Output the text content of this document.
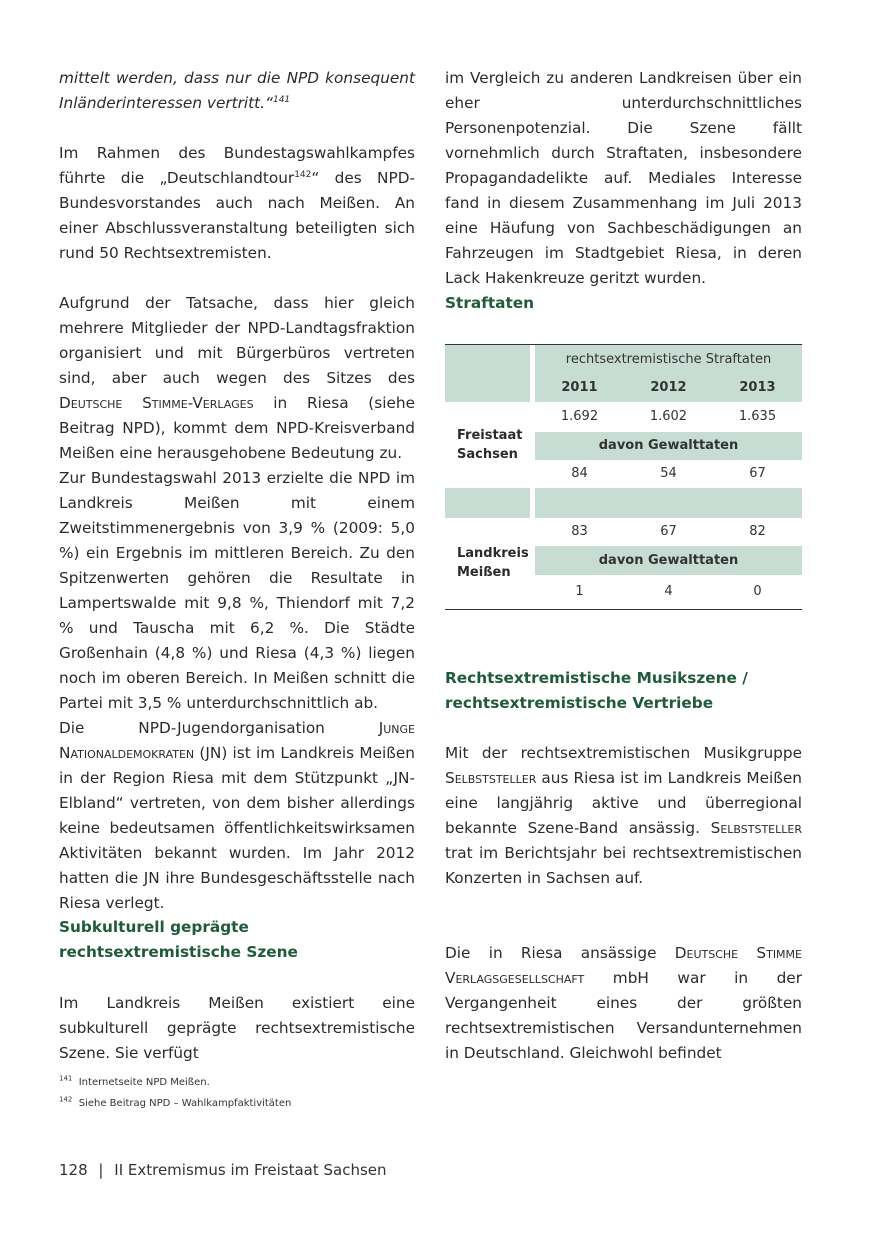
mittelt werden, dass nur die NPD konsequent Inländerinteressen vertritt.“$^{141}$

Im Rahmen des Bundestagswahlkampfes führte die „Deutschlandtour$^{142}$“ des NPD-Bundesvorstandes auch nach Meißen. An einer Abschlussveranstaltung beteiligten sich rund 50 Rechtsextremisten.

Aufgrund der Tatsache, dass hier gleich mehrere Mitglieder der NPD-Landtagsfraktion organisiert und mit Bürgerbüros vertreten sind, aber auch wegen des Sitzes des Deutsche Stimme-Verlages in Riesa (siehe Beitrag NPD), kommt dem NPD-Kreisverband Meißen eine herausgehobene Bedeutung zu.

Zur Bundestagswahl 2013 erzielte die NPD im Landkreis Meißen mit einem Zweitstimmenergebnis von 3,9 % (2009: 5,0 %) ein Ergebnis im mittleren Bereich. Zu den Spitzenwerten gehören die Resultate in Lampertswalde mit 9,8 %, Thiendorf mit 7,2 % und Tauscha mit 6,2 %. Die Städte Großenhain (4,8 %) und Riesa (4,3 %) liegen noch im oberen Bereich. In Meißen schnitt die Partei mit 3,5 % unterdurchschnittlich ab.

Die NPD-Jugendorganisation	Junge Nationaldemokraten (JN) ist im Landkreis Meißen in der Region Riesa mit dem Stützpunkt „JN-Elbland“ vertreten, von dem bisher allerdings keine bedeutsamen öffentlichkeitswirksamen Aktivitäten bekannt wurden. Im Jahr 2012 hatten die JN ihre Bundesgeschäftsstelle nach Riesa verlegt.

Subkulturell geprägte rechtsextremistische Szene

Im Landkreis Meißen existiert eine subkulturell geprägte rechtsextremistische Szene. Sie verfügt

im Vergleich zu anderen Landkreisen über ein eher unterdurchschnittliches Personenpotenzial. Die Szene fällt vornehmlich durch Straftaten, insbesondere Propagandadelikte auf. Mediales Interesse fand in diesem Zusammenhang im Juli 2013 eine Häufung von Sachbeschädigungen an Fahrzeugen im Stadtgebiet Riesa, in deren Lack Hakenkreuze geritzt wurden.

Straftaten
		rechtsextremistische Straftaten		
		2011	2012	2013
Freistaat Sachsen		1.692	1.602	1.635
		davon Gewalttaten		
		84	54	67

Landkreis Meißen		83	67	82
		davon Gewalttaten		
		1	4	0
Rechtsextremistische Musikszene / rechtsextremistische Vertriebe

Mit der rechtsextremistischen Musikgruppe Selbststeller aus Riesa ist im Landkreis Meißen eine langjährig aktive und überregional bekannte Szene-Band ansässig. Selbststeller trat im Berichtsjahr bei rechtsextremistischen Konzerten in Sachsen auf.

Die in Riesa ansässige Deutsche Stimme Verlagsgesellschaft mbH war in der Vergangenheit eines der größten rechtsextremistischen Versandunternehmen in Deutschland. Gleichwohl befindet

$^{141}$ Internetseite NPD Meißen.
$^{142}$ Siehe Beitrag NPD – Wahlkampfaktivitäten
128 | II Extremismus im Freistaat Sachsen
